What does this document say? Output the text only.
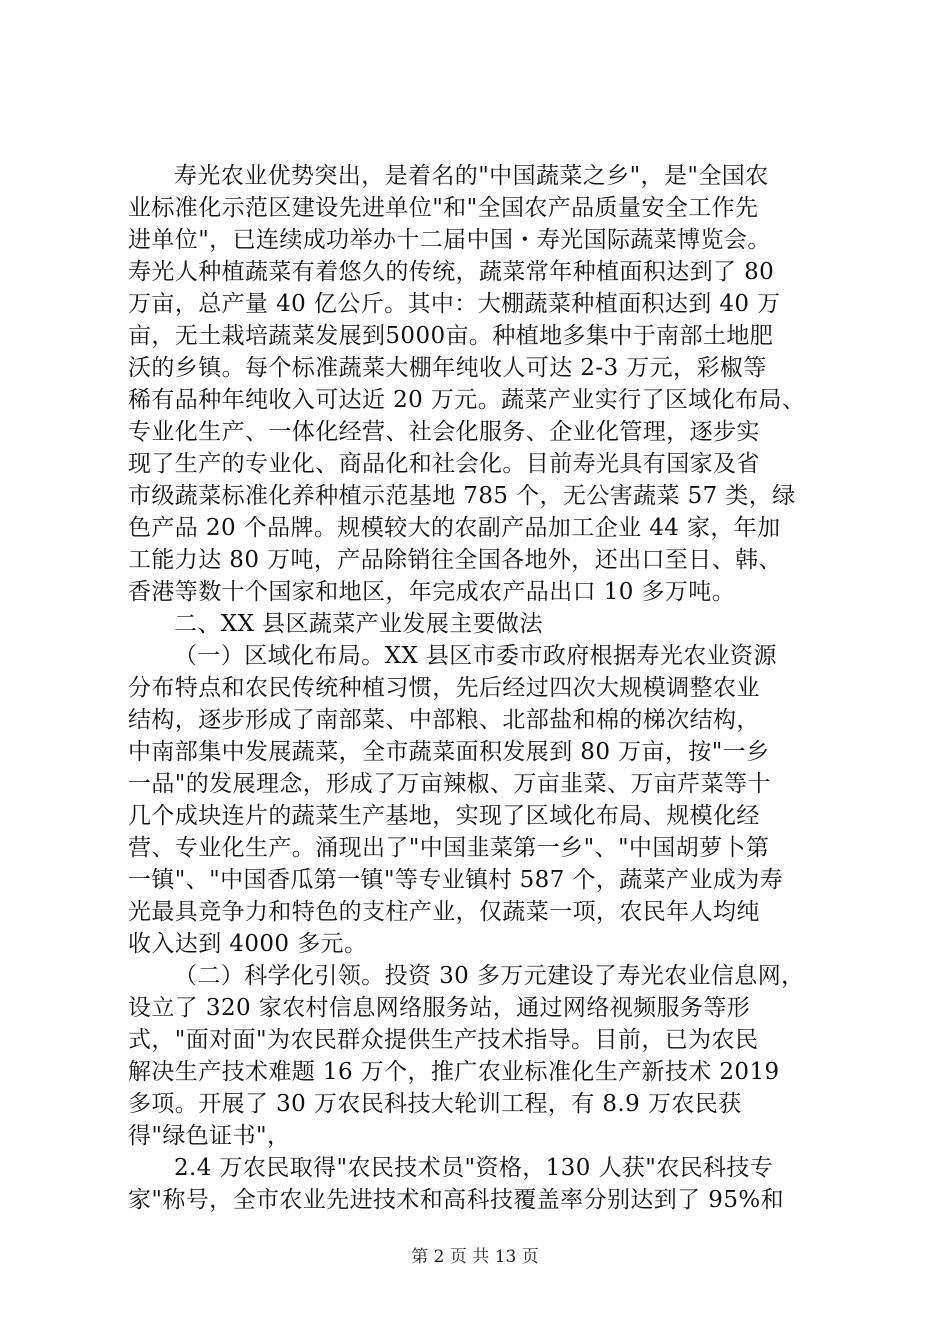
寿光农业优势突出，是着名的"中国蔬菜之乡"，是"全国农
业标准化示范区建设先进单位"和"全国农产品质量安全工作先
进单位"，已连续成功举办十二届中国・寿光国际蔬菜博览会。
寿光人种植蔬菜有着悠久的传统，蔬菜常年种植面积达到了 80
万亩，总产量 40 亿公斤。其中：大棚蔬菜种植面积达到 40 万
亩，无土栽培蔬菜发展到5000亩。种植地多集中于南部土地肥
沃的乡镇。每个标准蔬菜大棚年纯收人可达 2-3 万元，彩椒等
稀有品种年纯收入可达近 20 万元。蔬菜产业实行了区域化布局、
专业化生产、一体化经营、社会化服务、企业化管理，逐步实
现了生产的专业化、商品化和社会化。目前寿光具有国家及省
市级蔬菜标准化养种植示范基地 785 个，无公害蔬菜 57 类，绿
色产品 20 个品牌。规模较大的农副产品加工企业 44 家，年加
工能力达 80 万吨，产品除销往全国各地外，还出口至日、韩、
香港等数十个国家和地区，年完成农产品出口 10 多万吨。
二、XX 县区蔬菜产业发展主要做法
（一）区域化布局。XX 县区市委市政府根据寿光农业资源
分布特点和农民传统种植习惯，先后经过四次大规模调整农业
结构，逐步形成了南部菜、中部粮、北部盐和棉的梯次结构，
中南部集中发展蔬菜，全市蔬菜面积发展到 80 万亩，按"一乡
一品"的发展理念，形成了万亩辣椒、万亩韭菜、万亩芹菜等十
几个成块连片的蔬菜生产基地，实现了区域化布局、规模化经
营、专业化生产。涌现出了"中国韭菜第一乡"、"中国胡萝卜第
一镇"、"中国香瓜第一镇"等专业镇村 587 个，蔬菜产业成为寿
光最具竞争力和特色的支柱产业，仅蔬菜一项，农民年人均纯
收入达到 4000 多元。
（二）科学化引领。投资 30 多万元建设了寿光农业信息网，
设立了 320 家农村信息网络服务站，通过网络视频服务等形
式，"面对面"为农民群众提供生产技术指导。目前，已为农民
解决生产技术难题 16 万个，推广农业标准化生产新技术 2019
多项。开展了 30 万农民科技大轮训工程，有 8.9 万农民获
得"绿色证书"，
2.4 万农民取得"农民技术员"资格，130 人获"农民科技专
家"称号，全市农业先进技术和高科技覆盖率分别达到了 95%和
第 2 页 共 13 页
